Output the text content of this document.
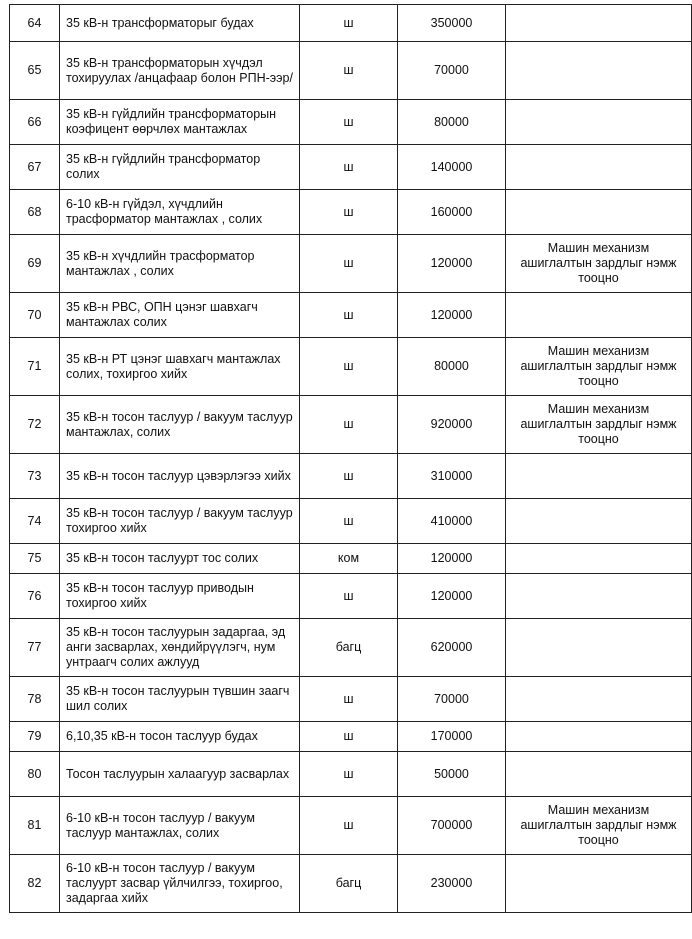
64	35 кВ-н трансформаторыг будах	ш	350000	
65	35 кВ-н трансформаторын хүчдэл тохируулах /анцафаар болон РПН-ээр/	ш	70000	
66	35 кВ-н гүйдлийн трансформаторын коэфицент өөрчлөх мантажлах	ш	80000	
67	35 кВ-н гүйдлийн трансформатор солих	ш	140000	
68	6-10 кВ-н гүйдэл, хүчдлийн трасформатор мантажлах , солих	ш	160000	
69	35 кВ-н хүчдлийн трасформатор мантажлах , солих	ш	120000	Машин механизм ашиглалтын зардлыг нэмж тооцно
70	35 кВ-н РВС, ОПН цэнэг шавхагч мантажлах солих	ш	120000	
71	35 кВ-н РТ цэнэг шавхагч мантажлах солих, тохиргоо хийх	ш	80000	Машин механизм ашиглалтын зардлыг нэмж тооцно
72	35 кВ-н тосон таслуур / вакуум таслуур мантажлах, солих	ш	920000	Машин механизм ашиглалтын зардлыг нэмж тооцно
73	35 кВ-н тосон таслуур цэвэрлэгээ хийх	ш	310000	
74	35 кВ-н тосон таслуур / вакуум таслуур тохиргоо хийх	ш	410000	
75	35 кВ-н тосон таслуурт тос солих	ком	120000	
76	35 кВ-н тосон таслуур приводын тохиргоо хийх	ш	120000	
77	35 кВ-н тосон таслуурын задаргаа, эд анги засварлах, хөндийрүүлэгч, нум унтраагч солих ажлууд	багц	620000	
78	35 кВ-н тосон таслуурын түвшин заагч шил солих	ш	70000	
79	6,10,35 кВ-н тосон таслуур будах	ш	170000	
80	Тосон таслуурын халаагуур засварлах	ш	50000	
81	6-10 кВ-н тосон таслуур / вакуум таслуур мантажлах, солих	ш	700000	Машин механизм ашиглалтын зардлыг нэмж тооцно
82	6-10 кВ-н тосон таслуур / вакуум таслуурт засвар үйлчилгээ, тохиргоо, задаргаа хийх	багц	230000	
